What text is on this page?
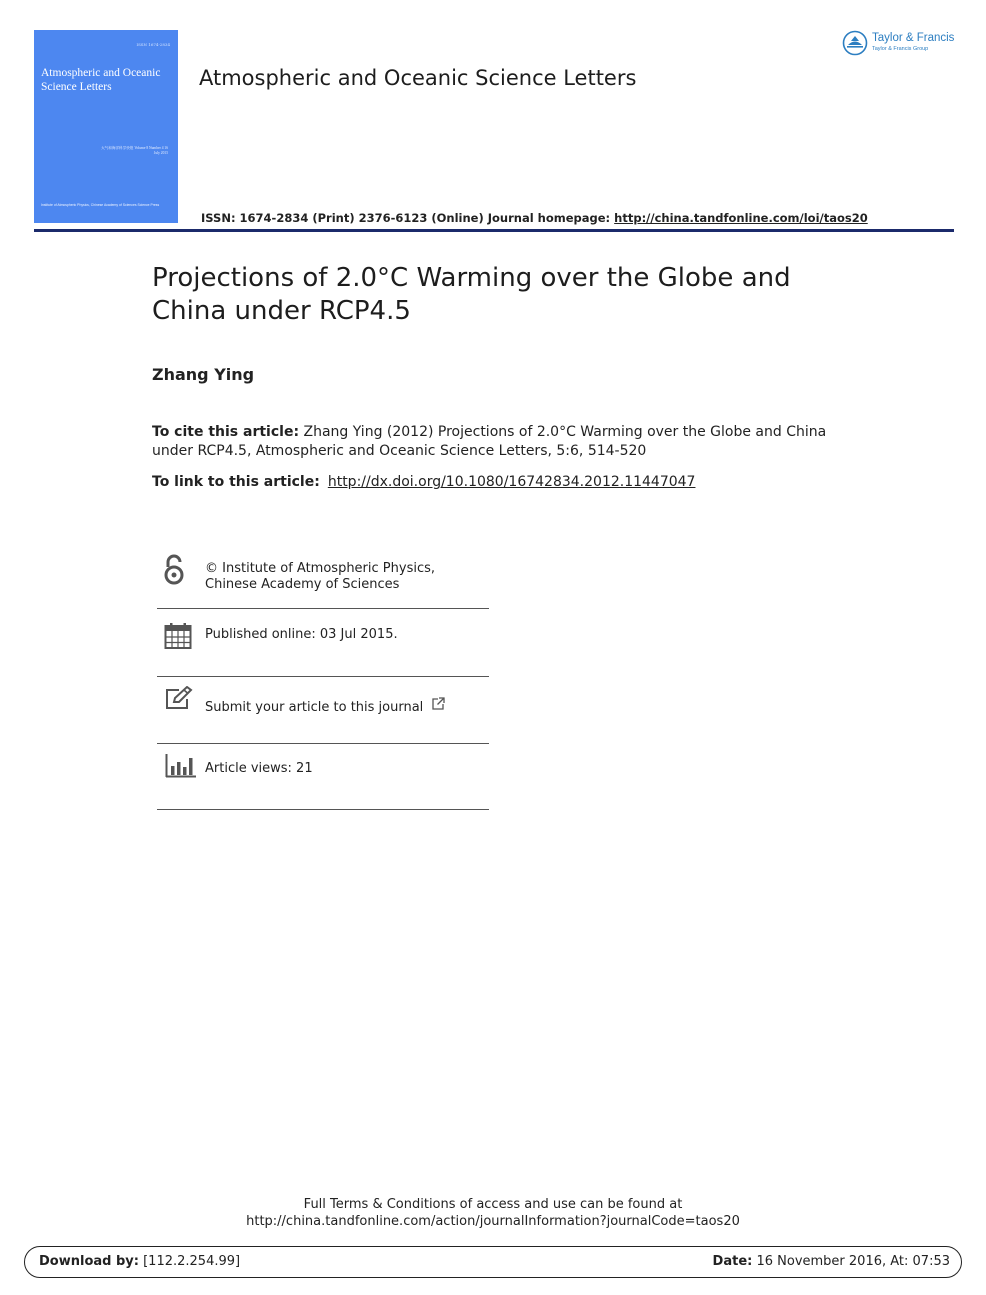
ISSN 1674-2834
Atmospheric and Oceanic Science Letters
大气和海洋科学快报 Volume 8 Number 4 16 July 2015
Institute of Atmospheric Physics, Chinese Academy of Sciences Science Press
Atmospheric and Oceanic Science Letters
Taylor & Francis
Taylor & Francis Group
ISSN: 1674-2834 (Print) 2376-6123 (Online) Journal homepage: http://china.tandfonline.com/loi/taos20
Projections of 2.0°C Warming over the Globe and China under RCP4.5
Zhang Ying
To cite this article: Zhang Ying (2012) Projections of 2.0°C Warming over the Globe and China under RCP4.5, Atmospheric and Oceanic Science Letters, 5:6, 514-520
To link to this article: http://dx.doi.org/10.1080/16742834.2012.11447047
© Institute of Atmospheric Physics, Chinese Academy of Sciences
Published online: 03 Jul 2015.
Submit your article to this journal
Article views: 21
Full Terms & Conditions of access and use can be found at
http://china.tandfonline.com/action/journalInformation?journalCode=taos20
Download by: [112.2.254.99]	Date: 16 November 2016, At: 07:53
